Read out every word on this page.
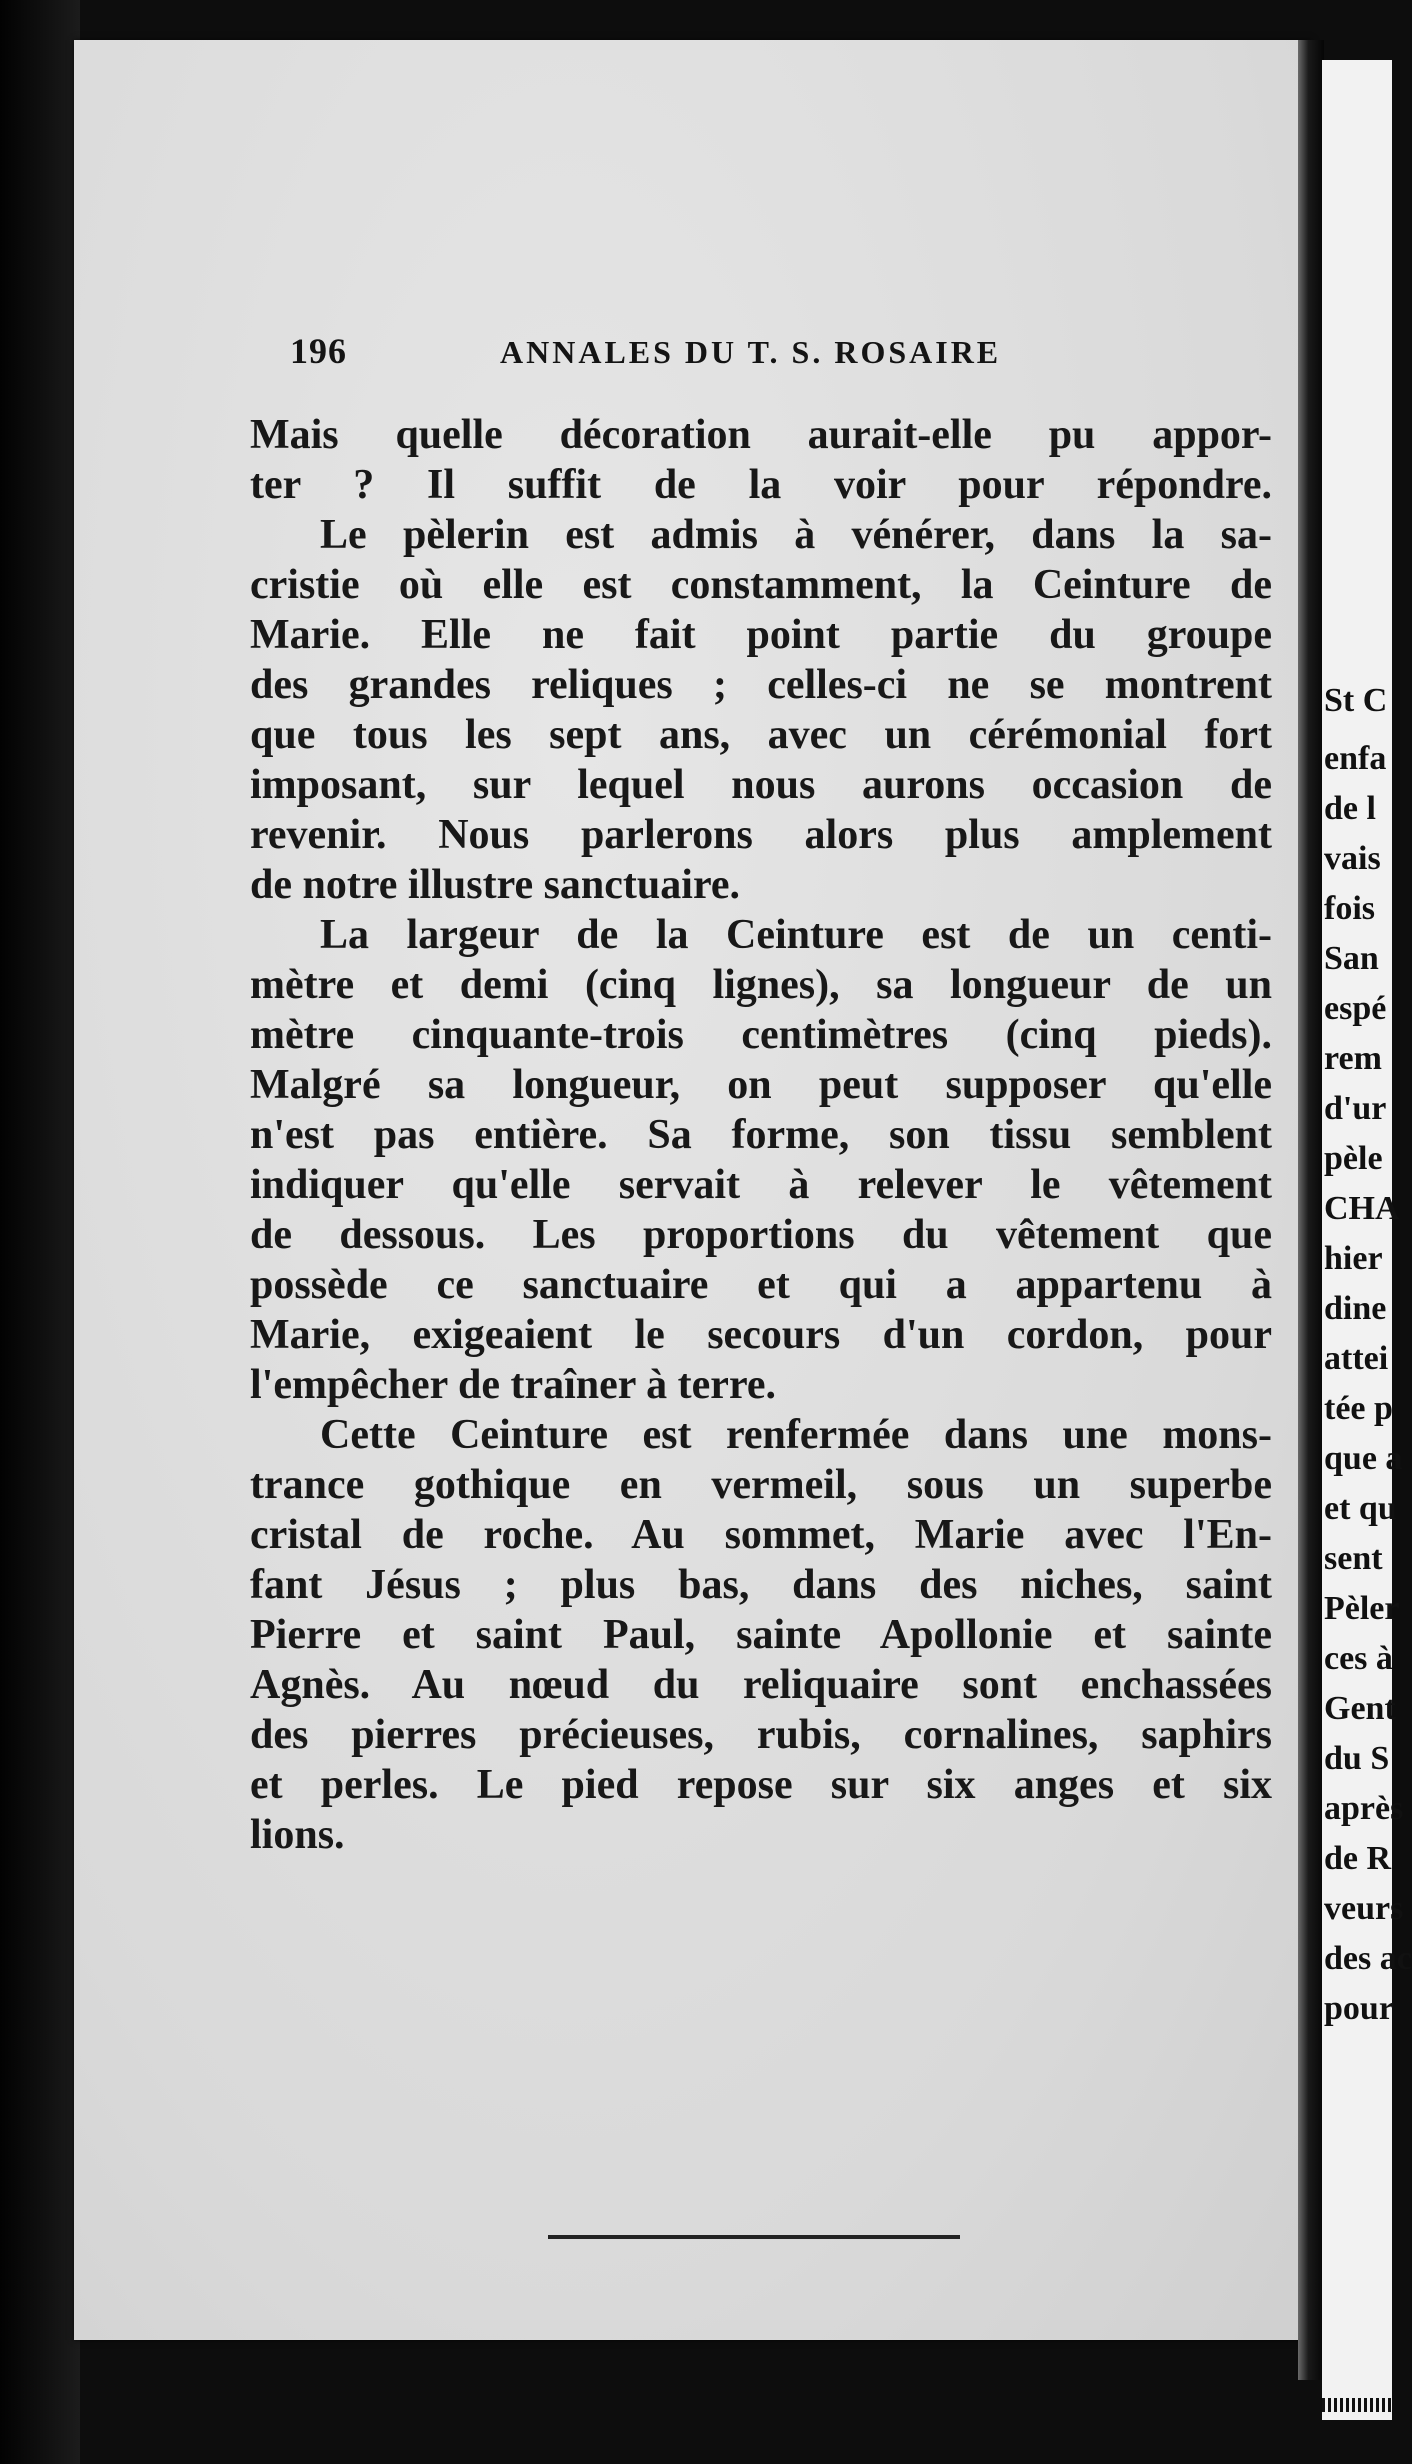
196	ANNALES DU T. S. ROSAIRE
Mais quelle décoration aurait-elle pu appor-
ter ? Il suffit de la voir pour répondre.
Le pèlerin est admis à vénérer, dans la sa-
cristie où elle est constamment, la Ceinture de
Marie. Elle ne fait point partie du groupe
des grandes reliques ; celles-ci ne se montrent
que tous les sept ans, avec un cérémonial fort
imposant, sur lequel nous aurons occasion de
revenir. Nous parlerons alors plus amplement
de notre illustre sanctuaire.
La largeur de la Ceinture est de un centi-
mètre et demi (cinq lignes), sa longueur de un
mètre cinquante-trois centimètres (cinq pieds).
Malgré sa longueur, on peut supposer qu'elle
n'est pas entière. Sa forme, son tissu semblent
indiquer qu'elle servait à relever le vêtement
de dessous. Les proportions du vêtement que
possède ce sanctuaire et qui a appartenu à
Marie, exigeaient le secours d'un cordon, pour
l'empêcher de traîner à terre.
Cette Ceinture est renfermée dans une mons-
trance gothique en vermeil, sous un superbe
cristal de roche. Au sommet, Marie avec l'En-
fant Jésus ; plus bas, dans des niches, saint
Pierre et saint Paul, sainte Apollonie et sainte
Agnès. Au nœud du reliquaire sont enchassées
des pierres précieuses, rubis, cornalines, saphirs
et perles. Le pied repose sur six anges et six
lions.
St C
enfa
de l
vais
fois
San
espé
rem
d'ur
pèle
CHA
hier
dine
attei
tée p
que a
et qu
sent
Pèler
ces à
Gent
du S
après
de R
veurs
des ac
pour
